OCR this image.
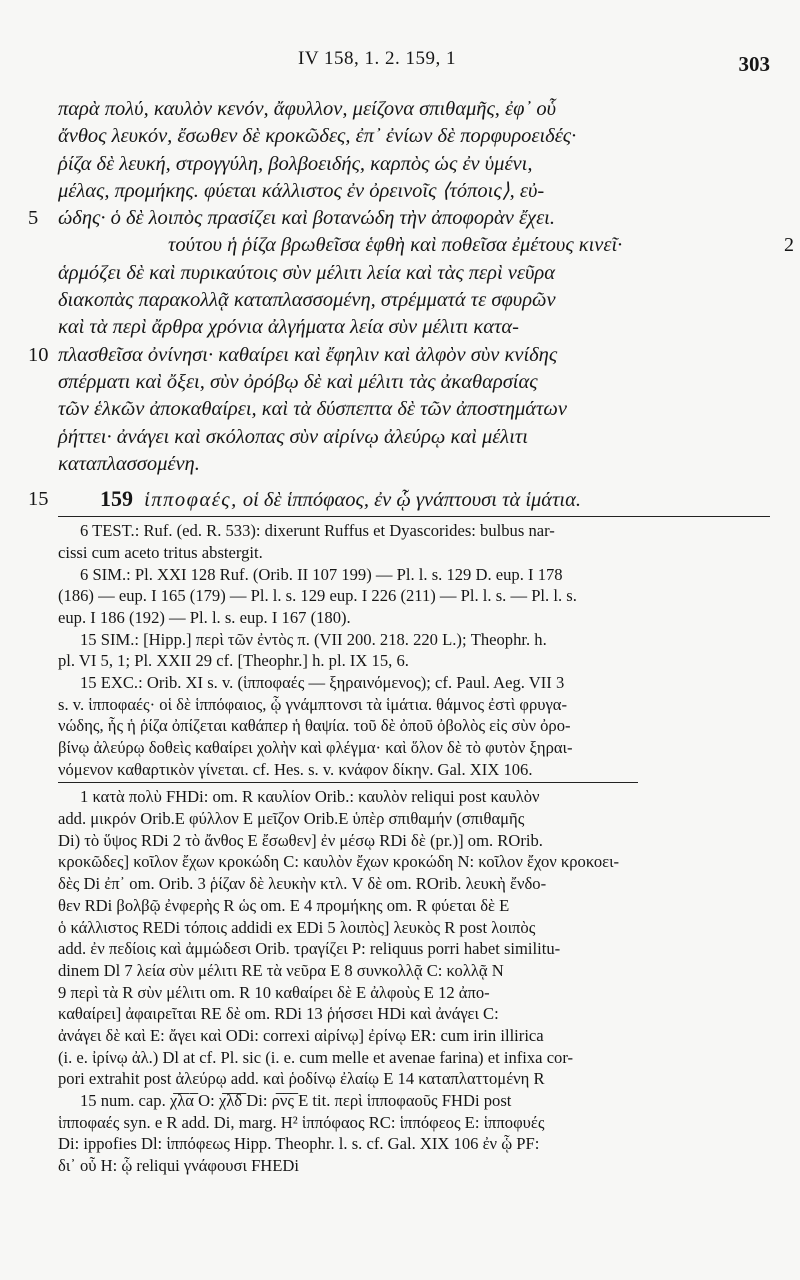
IV 158, 1. 2. 159, 1	303
παρὰ πολύ, καυλὸν κενόν, ἄφυλλον, μείζονα σπιθαμῆς, ἐφ᾽ οὗ
ἄνθος λευκόν, ἔσωθεν δὲ κροκῶδες, ἐπ᾽ ἐνίων δὲ πορφυροειδές·
ῥίζα δὲ λευκή, στρογγύλη, βολβοειδής, καρπὸς ὡς ἐν ὑμένι,
μέλας, προμήκης. φύεται κάλλιστος ἐν ὀρεινοῖς ⟨τόποις⟩, εὐ-
5 ώδης· ὁ δὲ λοιπὸς πρασίζει καὶ βοτανώδη τὴν ἀποφορὰν ἔχει.
τούτου ἡ ῥίζα βρωθεῖσα ἑφθὴ καὶ ποθεῖσα ἐμέτους κινεῖ·	2
ἁρμόζει δὲ καὶ πυρικαύτοις σὺν μέλιτι λεία καὶ τὰς περὶ νεῦρα
διακοπὰς παρακολλᾷ καταπλασσομένη, στρέμματά τε σφυρῶν
καὶ τὰ περὶ ἄρθρα χρόνια ἀλγήματα λεία σὺν μέλιτι κατα-
10 πλασθεῖσα ὀνίνησι· καθαίρει καὶ ἔφηλιν καὶ ἀλφὸν σὺν κνίδης
σπέρματι καὶ ὄξει, σὺν ὀρόβῳ δὲ καὶ μέλιτι τὰς ἀκαθαρσίας
τῶν ἑλκῶν ἀποκαθαίρει, καὶ τὰ δύσπεπτα δὲ τῶν ἀποστημάτων
ῥήττει· ἀνάγει καὶ σκόλοπας σὺν αἰρίνῳ ἀλεύρῳ καὶ μέλιτι
καταπλασσομένη.
15 159 ἱπποφαές, οἱ δὲ ἱππόφαος, ἐν ᾧ γνάπτουσι τὰ ἱμάτια.
6 TEST.: Ruf. (ed. R. 533): dixerunt Ruffus et Dyascorides: bulbus nar-
cissi cum aceto tritus abstergit.
6 SIM.: Pl. XXI 128 Ruf. (Orib. II 107 199) — Pl. l. s. 129 D. eup. I 178
(186) — eup. I 165 (179) — Pl. l. s. 129 eup. I 226 (211) — Pl. l. s. — Pl. l. s.
eup. I 186 (192) — Pl. l. s. eup. I 167 (180).
15 SIM.: [Hipp.] περὶ τῶν ἐντὸς π. (VII 200. 218. 220 L.); Theophr. h.
pl. VI 5, 1; Pl. XXII 29 cf. [Theophr.] h. pl. IX 15, 6.
15 EXC.: Orib. XI s. v. (ἱπποφαές — ξηραινόμενος); cf. Paul. Aeg. VII 3
s. v. ἱπποφαές· οἱ δὲ ἱππόφαιος, ᾧ γνάμπτονσι τὰ ἱμάτια. θάμνος ἐστὶ φρυγα-
νώδης, ἧς ἡ ῥίζα ὀπίζεται καθάπερ ἡ θαψία. τοῦ δὲ ὀποῦ ὀβολὸς εἰς σὺν ὀρο-
βίνῳ ἀλεύρῳ δοθεὶς καθαίρει χολὴν καὶ φλέγμα· καὶ ὅλον δὲ τὸ φυτὸν ξηραι-
νόμενον καθαρτικὸν γίνεται. cf. Hes. s. v. κνάφον δίκην. Gal. XIX 106.
1 κατὰ πολὺ FHDi: om. R καυλίον Orib.: καυλὸν reliqui post καυλὸν
add. μικρόν Orib.E φύλλον E μεῖζον Orib.E ὑπὲρ σπιθαμήν (σπιθαμῆς
Di) τὸ ὕψος RDi 2 τὸ ἄνθος E ἔσωθεν] ἐν μέσῳ RDi δὲ (pr.)] om. ROrib.
κροκῶδες] κοῖλον ἔχων κροκώδη C: καυλὸν ἔχων κροκώδη N: κοῖλον ἔχον κροκοει-
δὲς Di ἐπ᾽ om. Orib. 3 ῥίζαν δὲ λευκὴν κτλ. V δὲ om. ROrib. λευκὴ ἔνδο-
θεν RDi βολβῷ ἐνφερὴς R ὡς om. E 4 προμήκης om. R φύεται δὲ E
ὁ κάλλιστος REDi τόποις addidi ex EDi 5 λοιπὸς] λευκὸς R post λοιπὸς
add. ἐν πεδίοις καὶ ἀμμώδεσι Orib. τραγίζει P: reliquus porri habet similitu-
dinem Dl 7 λεία σὺν μέλιτι RE τὰ νεῦρα E 8 συνκολλᾷ C: κολλᾷ N
9 περὶ τὰ R σὺν μέλιτι om. R 10 καθαίρει δὲ E ἀλφοὺς E 12 ἀπο-
καθαίρει] ἀφαιρεῖται RE δὲ om. RDi 13 ῥήσσει HDi καὶ ἀνάγει C:
ἀνάγει δὲ καὶ E: ἄγει καὶ ODi: correxi αἰρίνῳ] ἐρίνῳ ER: cum irin illirica
(i. e. ἰρίνῳ ἀλ.) Dl at cf. Pl. sic (i. e. cum melle et avenae farina) et infixa cor-
pori extrahit post ἀλεύρῳ add. καὶ ῥοδίνῳ ἐλαίῳ E 14 καταπλαττομένη R
15 num. cap. χ̅λ̅α̅ O: χ̅λ̅δ̅ Di: ρ̅ν̅ς̅ E tit. περὶ ἱπποφαοῦς FHDi post
ἱπποφαές syn. e R add. Di, marg. H² ἱππόφαος RC: ἱππόφεος E: ἱπποφυές
Di: ippofies Dl: ἱππόφεως Hipp. Theophr. l. s. cf. Gal. XIX 106 ἐν ᾧ PF:
δι᾽ οὗ H: ᾧ reliqui γνάφουσι FHEDi
